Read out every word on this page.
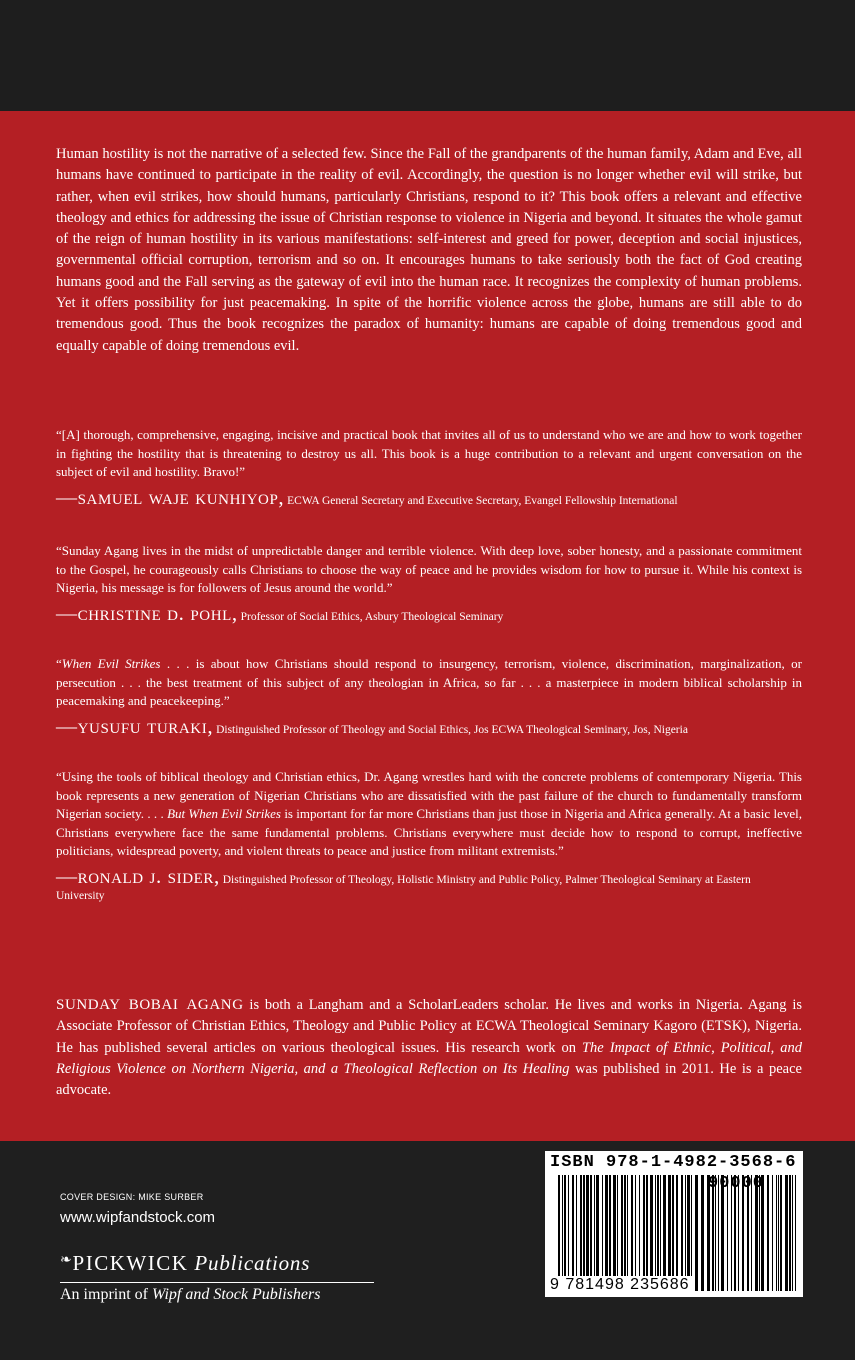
Human hostility is not the narrative of a selected few. Since the Fall of the grandparents of the human family, Adam and Eve, all humans have continued to participate in the reality of evil. Accordingly, the question is no longer whether evil will strike, but rather, when evil strikes, how should humans, particularly Christians, respond to it? This book offers a relevant and effective theology and ethics for addressing the issue of Christian response to violence in Nigeria and beyond. It situates the whole gamut of the reign of human hostility in its various manifestations: self-interest and greed for power, deception and social injustices, governmental official corruption, terrorism and so on. It encourages humans to take seriously both the fact of God creating humans good and the Fall serving as the gateway of evil into the human race. It recognizes the complexity of human problems. Yet it offers possibility for just peacemaking. In spite of the horrific violence across the globe, humans are still able to do tremendous good. Thus the book recognizes the paradox of humanity: humans are capable of doing tremendous good and equally capable of doing tremendous evil.

“[A] thorough, comprehensive, engaging, incisive and practical book that invites all of us to understand who we are and how to work together in fighting the hostility that is threatening to destroy us all. This book is a huge contribution to a relevant and urgent conversation on the subject of evil and hostility. Bravo!”

—samuel waje kunhiyop, ECWA General Secretary and Executive Secretary, Evangel Fellowship International

“Sunday Agang lives in the midst of unpredictable danger and terrible violence. With deep love, sober honesty, and a passionate commitment to the Gospel, he courageously calls Christians to choose the way of peace and he provides wisdom for how to pursue it. While his context is Nigeria, his message is for followers of Jesus around the world.”

—christine d. pohl, Professor of Social Ethics, Asbury Theological Seminary

“When Evil Strikes . . . is about how Christians should respond to insurgency, terrorism, violence, discrimination, marginalization, or persecution . . . the best treatment of this subject of any theologian in Africa, so far . . . a masterpiece in modern biblical scholarship in peacemaking and peacekeeping.”

—yusufu turaki, Distinguished Professor of Theology and Social Ethics, Jos ECWA Theological Seminary, Jos, Nigeria

“Using the tools of biblical theology and Christian ethics, Dr. Agang wrestles hard with the concrete problems of contemporary Nigeria. This book represents a new generation of Nigerian Christians who are dissatisfied with the past failure of the church to fundamentally transform Nigerian society. . . . But When Evil Strikes is important for far more Christians than just those in Nigeria and Africa generally. At a basic level, Christians everywhere face the same fundamental problems. Christians everywhere must decide how to respond to corrupt, ineffective politicians, widespread poverty, and violent threats to peace and justice from militant extremists.”

—ronald j. sider, Distinguished Professor of Theology, Holistic Ministry and Public Policy, Palmer Theological Seminary at Eastern University

sunday bobai agang is both a Langham and a ScholarLeaders scholar. He lives and works in Nigeria. Agang is Associate Professor of Christian Ethics, Theology and Public Policy at ECWA Theological Seminary Kagoro (ETSK), Nigeria. He has published several articles on various theological issues. His research work on The Impact of Ethnic, Political, and Religious Violence on Northern Nigeria, and a Theological Reflection on Its Healing was published in 2011. He is a peace advocate.

COVER DESIGN: MIKE SURBER
www.wipfandstock.com
❧PICKWICK Publications
An imprint of Wipf and Stock Publishers
ISBN 978-1-4982-3568-6
90000
9 781498 235686
